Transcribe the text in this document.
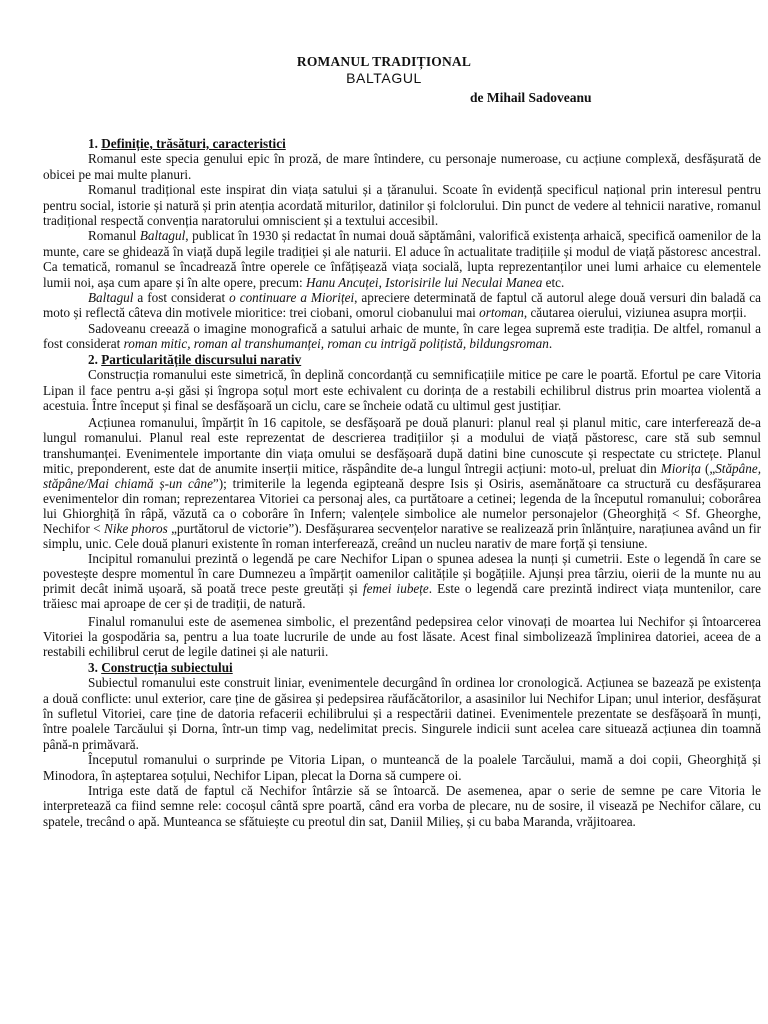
ROMANUL TRADIȚIONAL
BALTAGUL
de Mihail Sadoveanu
1. Definiție, trăsături, caracteristici

Romanul este specia genului epic în proză, de mare întindere, cu personaje numeroase, cu acțiune complexă, desfășurată de obicei pe mai multe planuri.

Romanul tradițional este inspirat din viața satului și a țăranului. Scoate în evidență specificul național prin interesul pentru pentru social, istorie și natură și prin atenția acordată miturilor, datinilor și folclorului. Din punct de vedere al tehnicii narative, romanul tradițional respectă convenția naratorului omniscient și a textului accesibil.

Romanul Baltagul, publicat în 1930 și redactat în numai două săptămâni, valorifică existența arhaică, specifică oamenilor de la munte, care se ghidează în viață după legile tradiției și ale naturii. El aduce în actualitate tradițiile și modul de viață păstoresc ancestral. Ca tematică, romanul se încadrează între operele ce înfățișează viața socială, lupta reprezentanților unei lumi arhaice cu elementele lumii noi, așa cum apare și în alte opere, precum: Hanu Ancuței, Istorisirile lui Neculai Manea etc.

Baltagul a fost considerat o continuare a Mioriței, apreciere determinată de faptul că autorul alege două versuri din baladă ca moto și reflectă câteva din motivele mioritice: trei ciobani, omorul ciobanului mai ortoman, căutarea oierului, viziunea asupra morții.

Sadoveanu creează o imagine monografică a satului arhaic de munte, în care legea supremă este tradiția. De altfel, romanul a fost considerat roman mitic, roman al transhumanței, roman cu intrigă polițistă, bildungsroman.

2. Particularitățile discursului narativ

Construcția romanului este simetrică, în deplină concordanță cu semnificațiile mitice pe care le poartă. Efortul pe care Vitoria Lipan il face pentru a-și găsi și îngropa soțul mort este echivalent cu dorința de a restabili echilibrul distrus prin moartea violentă a acestuia. Între început și final se desfășoară un ciclu, care se încheie odată cu ultimul gest justițiar.

Acțiunea romanului, împărțit în 16 capitole, se desfășoară pe două planuri: planul real și planul mitic, care interferează de-a lungul romanului. Planul real este reprezentat de descrierea tradițiilor și a modului de viață păstoresc, care stă sub semnul transhumanței. Evenimentele importante din viața omului se desfășoară după datini bine cunoscute și respectate cu strictețe. Planul mitic, preponderent, este dat de anumite inserții mitice, răspândite de-a lungul întregii acțiuni: moto-ul, preluat din Miorița („Stăpâne, stăpâne/Mai chiamă ș-un câne”); trimiterile la legenda egipteană despre Isis și Osiris, asemănătoare ca structură cu desfășurarea evenimentelor din roman; reprezentarea Vitoriei ca personaj ales, ca purtătoare a cetinei; legenda de la începutul romanului; coborârea lui Ghiorghiță în râpă, văzută ca o coborâre în Infern; valențele simbolice ale numelor personajelor (Gheorghiță < Sf. Gheorghe, Nechifor < Nike phoros „purtătorul de victorie”). Desfășurarea secvențelor narative se realizează prin înlănțuire, narațiunea având un fir simplu, unic. Cele două planuri existente în roman interferează, creând un nucleu narativ de mare forță și tensiune.

Incipitul romanului prezintă o legendă pe care Nechifor Lipan o spunea adesea la nunți și cumetrii. Este o legendă în care se povestește despre momentul în care Dumnezeu a împărțit oamenilor calitățile și bogățiile. Ajunși prea târziu, oierii de la munte nu au primit decât inimă ușoară, să poată trece peste greutăți și femei iubețe. Este o legendă care prezintă indirect viața muntenilor, care trăiesc mai aproape de cer și de tradiții, de natură.

Finalul romanului este de asemenea simbolic, el prezentând pedepsirea celor vinovați de moartea lui Nechifor și întoarcerea Vitoriei la gospodăria sa, pentru a lua toate lucrurile de unde au fost lăsate. Acest final simbolizează împlinirea datoriei, aceea de a restabili echilibrul cerut de legile datinei și ale naturii.

3. Construcția subiectului

Subiectul romanului este construit liniar, evenimentele decurgând în ordinea lor cronologică. Acțiunea se bazează pe existența a două conflicte: unul exterior, care ține de găsirea și pedepsirea răufăcătorilor, a asasinilor lui Nechifor Lipan; unul interior, desfășurat în sufletul Vitoriei, care ține de datoria refacerii echilibrului și a respectării datinei. Evenimentele prezentate se desfășoară în munți, între poalele Tarcăului și Dorna, într-un timp vag, nedelimitat precis. Singurele indicii sunt acelea care situează acțiunea din toamnă până-n primăvară.

Începutul romanului o surprinde pe Vitoria Lipan, o munteancă de la poalele Tarcăului, mamă a doi copii, Gheorghiță și Minodora, în așteptarea soțului, Nechifor Lipan, plecat la Dorna să cumpere oi.

Intriga este dată de faptul că Nechifor întârzie să se întoarcă. De asemenea, apar o serie de semne pe care Vitoria le interpretează ca fiind semne rele: cocoșul cântă spre poartă, când era vorba de plecare, nu de sosire, il visează pe Nechifor călare, cu spatele, trecând o apă. Munteanca se sfătuiește cu preotul din sat, Daniil Milieș, și cu baba Maranda, vrăjitoarea.
